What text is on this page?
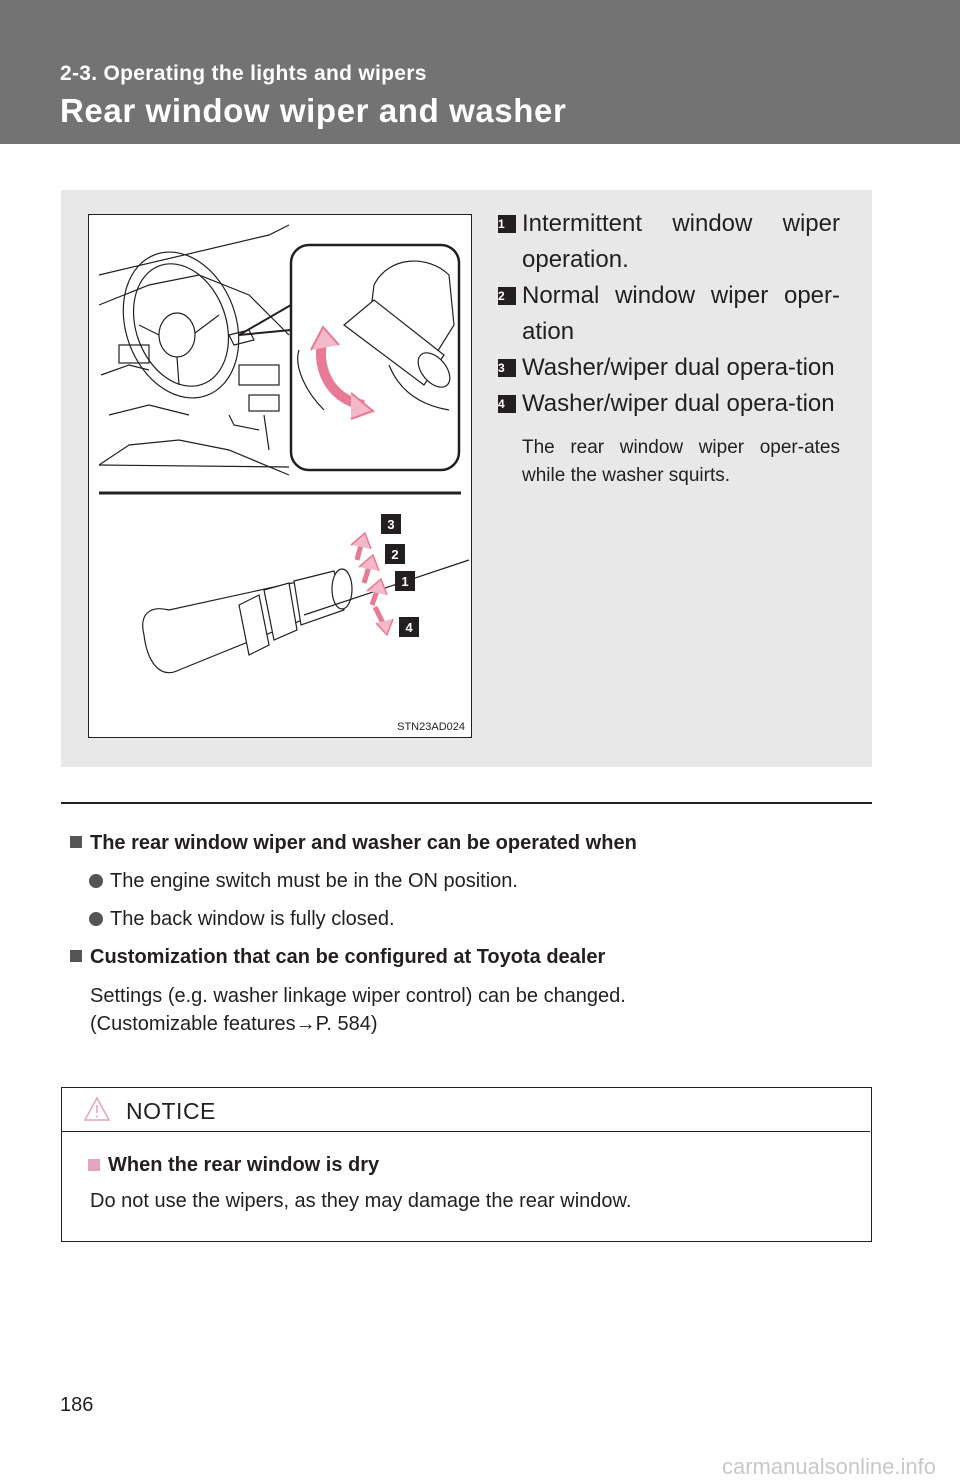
2-3. Operating the lights and wipers
Rear window wiper and washer
3
2
1
4
STN23AD024
1 Intermittent window wiper operation.
2 Normal window wiper oper-ation
3 Washer/wiper dual opera-tion
4 Washer/wiper dual opera-tion
The rear window wiper oper-ates while the washer squirts.
The rear window wiper and washer can be operated when
The engine switch must be in the ON position.
The back window is fully closed.
Customization that can be configured at Toyota dealer
Settings (e.g. washer linkage wiper control) can be changed.
(Customizable features→P. 584)
NOTICE
When the rear window is dry
Do not use the wipers, as they may damage the rear window.
186
carmanualsonline.info
